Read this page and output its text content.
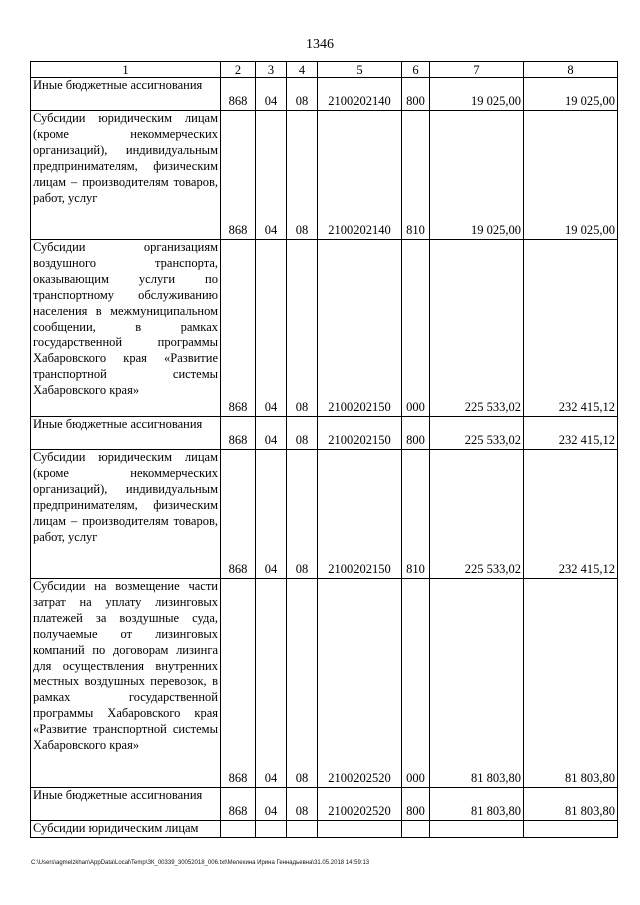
1346
1	2	3	4	5	6	7	8

Иные бюджетные ассигнования	868	04	08	2100202140	800	19 025,00	19 025,00

Субсидии юридическим лицам (кроме некоммерческих организаций), индивидуальным предпринимателям, физическим лицам – производителям товаров, работ, услуг	868	04	08	2100202140	810	19 025,00	19 025,00

Субсидии организациям воздушного транспорта, оказывающим услуги по транспортному обслуживанию населения в межмуниципальном сообщении, в рамках государственной программы Хабаровского края «Развитие транспортной системы Хабаровского края»	868	04	08	2100202150	000	225 533,02	232 415,12

Иные бюджетные ассигнования	868	04	08	2100202150	800	225 533,02	232 415,12

Субсидии юридическим лицам (кроме некоммерческих организаций), индивидуальным предпринимателям, физическим лицам – производителям товаров, работ, услуг	868	04	08	2100202150	810	225 533,02	232 415,12

Субсидии на возмещение части затрат на уплату лизинговых платежей за воздушные суда, получаемые от лизинговых компаний по договорам лизинга для осуществления внутренних местных воздушных перевозок, в рамках государственной программы Хабаровского края «Развитие транспортной системы Хабаровского края»	868	04	08	2100202520	000	81 803,80	81 803,80

Иные бюджетные ассигнования	868	04	08	2100202520	800	81 803,80	81 803,80

Субсидии юридическим лицам							

C:\Users\agmelzkhan\AppData\Local\Temp\ЗК_00339_30052018_006.txt\Мелехина Ирина Геннадьевна\31.05.2018 14:59:13
